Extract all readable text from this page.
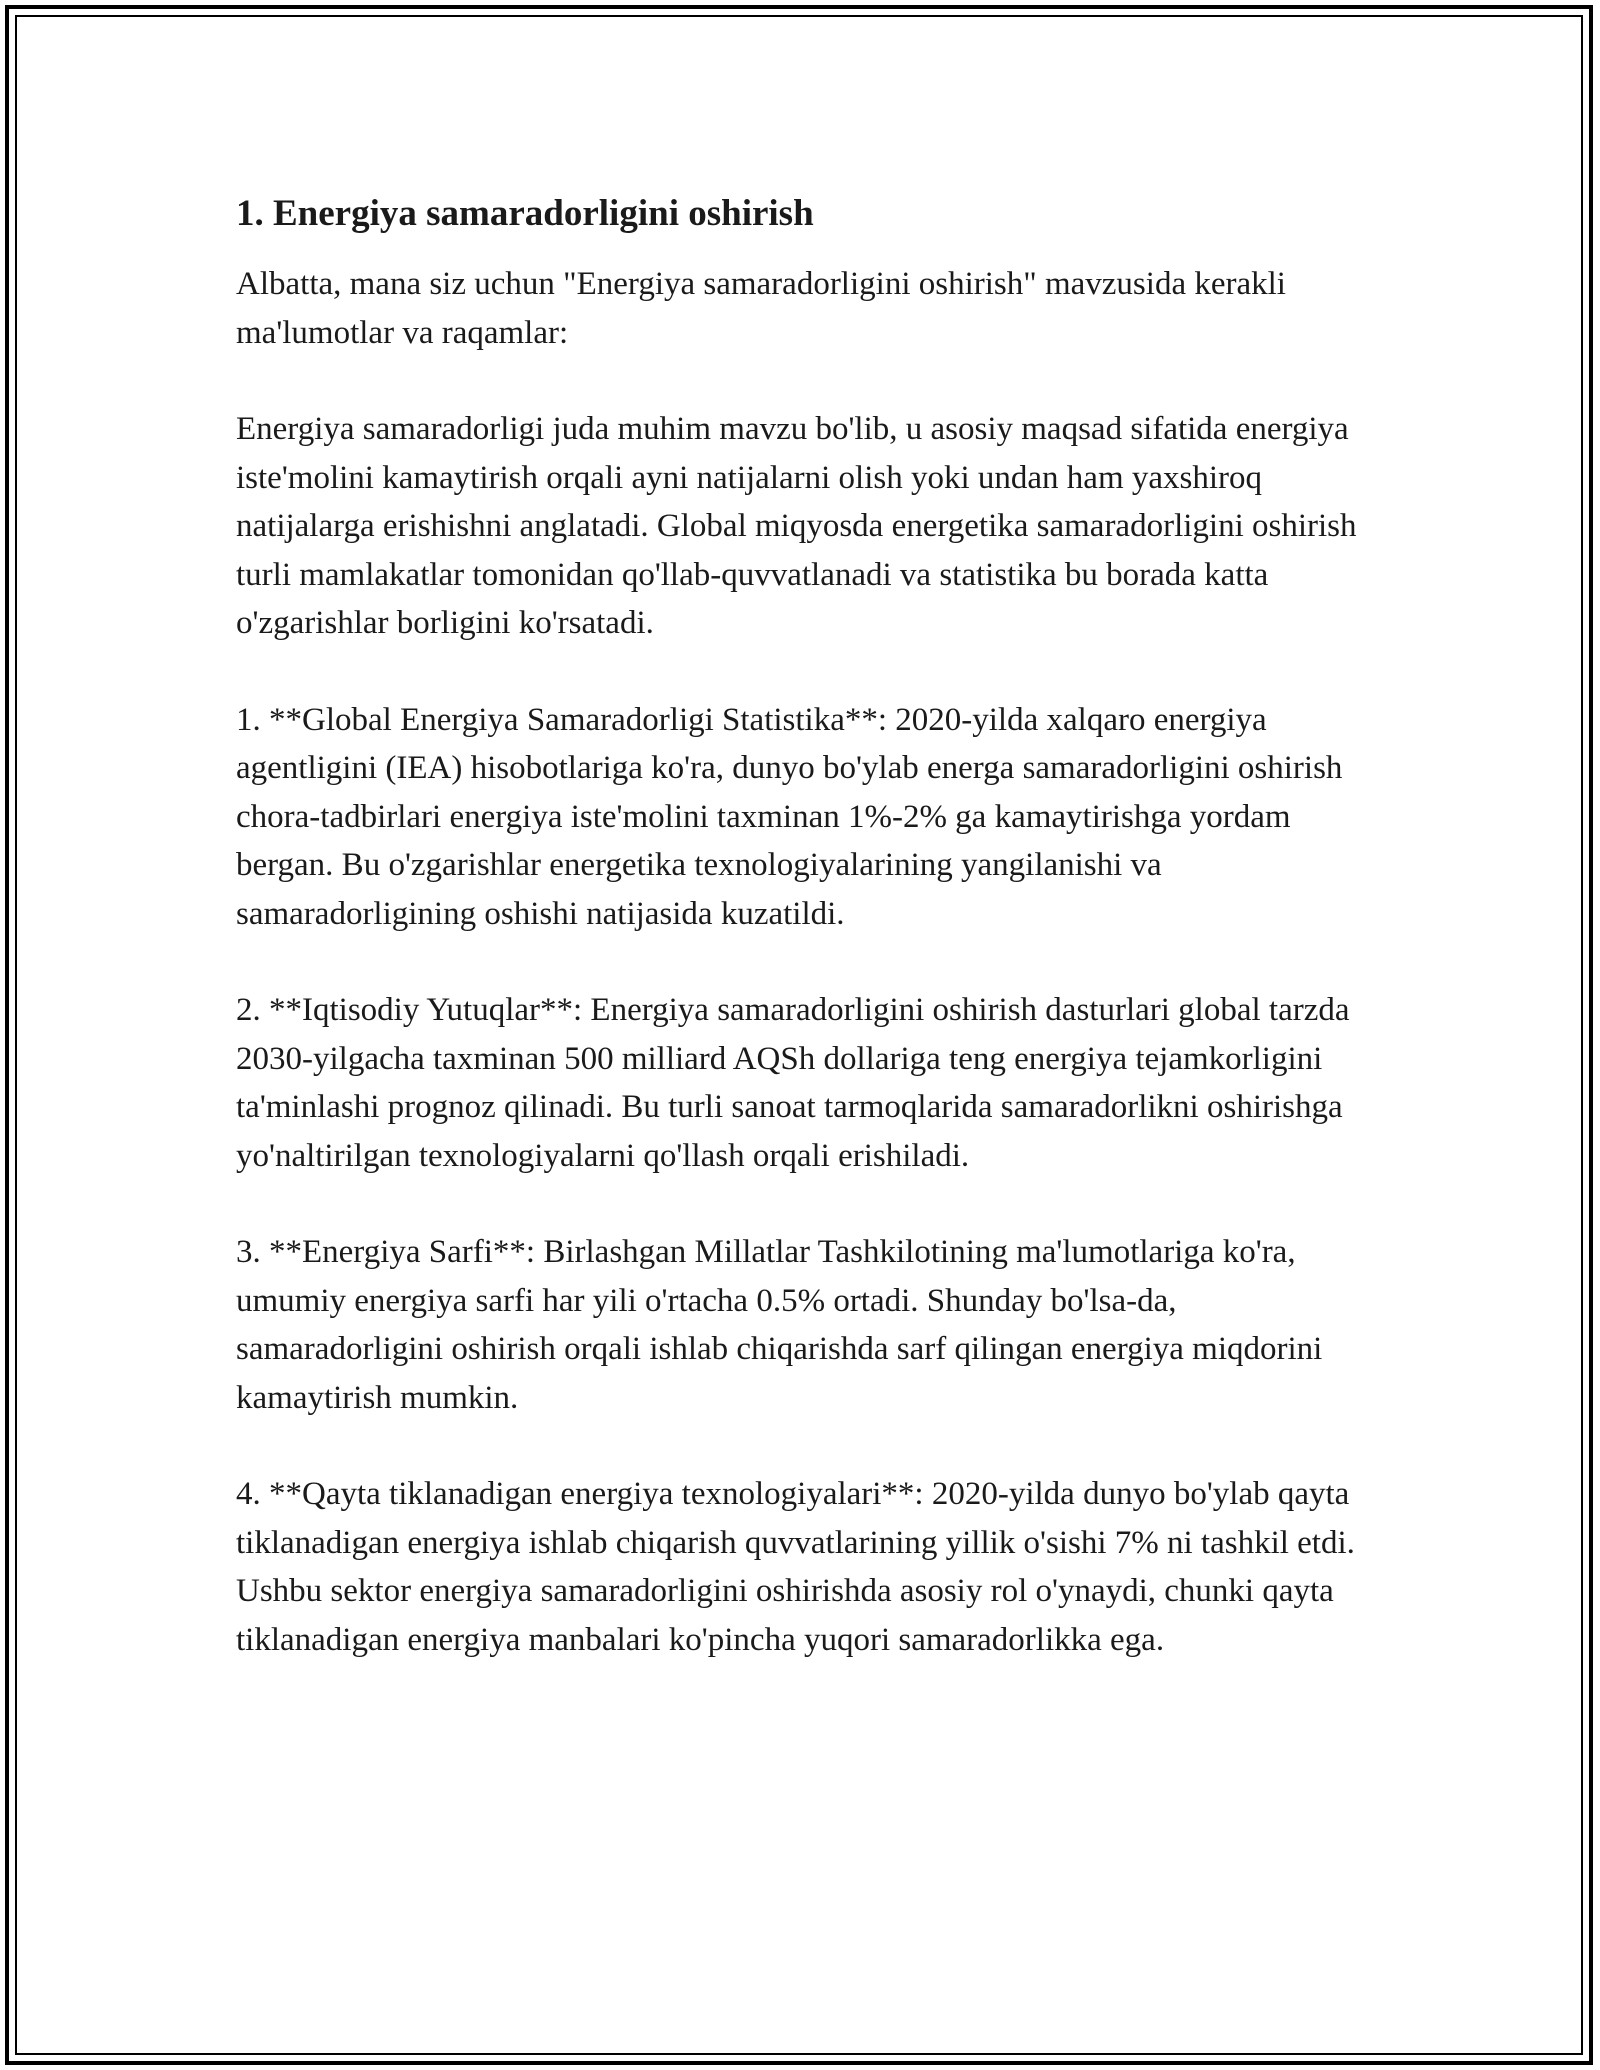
1. Energiya samaradorligini oshirish

Albatta, mana siz uchun "Energiya samaradorligini oshirish" mavzusida kerakli ma'lumotlar va raqamlar:

Energiya samaradorligi juda muhim mavzu bo'lib, u asosiy maqsad sifatida energiya iste'molini kamaytirish orqali ayni natijalarni olish yoki undan ham yaxshiroq natijalarga erishishni anglatadi. Global miqyosda energetika samaradorligini oshirish turli mamlakatlar tomonidan qo'llab-quvvatlanadi va statistika bu borada katta o'zgarishlar borligini ko'rsatadi.

1. **Global Energiya Samaradorligi Statistika**: 2020-yilda xalqaro energiya agentligini (IEA) hisobotlariga ko'ra, dunyo bo'ylab energa samaradorligini oshirish chora-tadbirlari energiya iste'molini taxminan 1%-2% ga kamaytirishga yordam bergan. Bu o'zgarishlar energetika texnologiyalarining yangilanishi va samaradorligining oshishi natijasida kuzatildi.

2. **Iqtisodiy Yutuqlar**: Energiya samaradorligini oshirish dasturlari global tarzda 2030-yilgacha taxminan 500 milliard AQSh dollariga teng energiya tejamkorligini ta'minlashi prognoz qilinadi. Bu turli sanoat tarmoqlarida samaradorlikni oshirishga yo'naltirilgan texnologiyalarni qo'llash orqali erishiladi.

3. **Energiya Sarfi**: Birlashgan Millatlar Tashkilotining ma'lumotlariga ko'ra, umumiy energiya sarfi har yili o'rtacha 0.5% ortadi. Shunday bo'lsa-da, samaradorligini oshirish orqali ishlab chiqarishda sarf qilingan energiya miqdorini kamaytirish mumkin.

4. **Qayta tiklanadigan energiya texnologiyalari**: 2020-yilda dunyo bo'ylab qayta tiklanadigan energiya ishlab chiqarish quvvatlarining yillik o'sishi 7% ni tashkil etdi. Ushbu sektor energiya samaradorligini oshirishda asosiy rol o'ynaydi, chunki qayta tiklanadigan energiya manbalari ko'pincha yuqori samaradorlikka ega.
